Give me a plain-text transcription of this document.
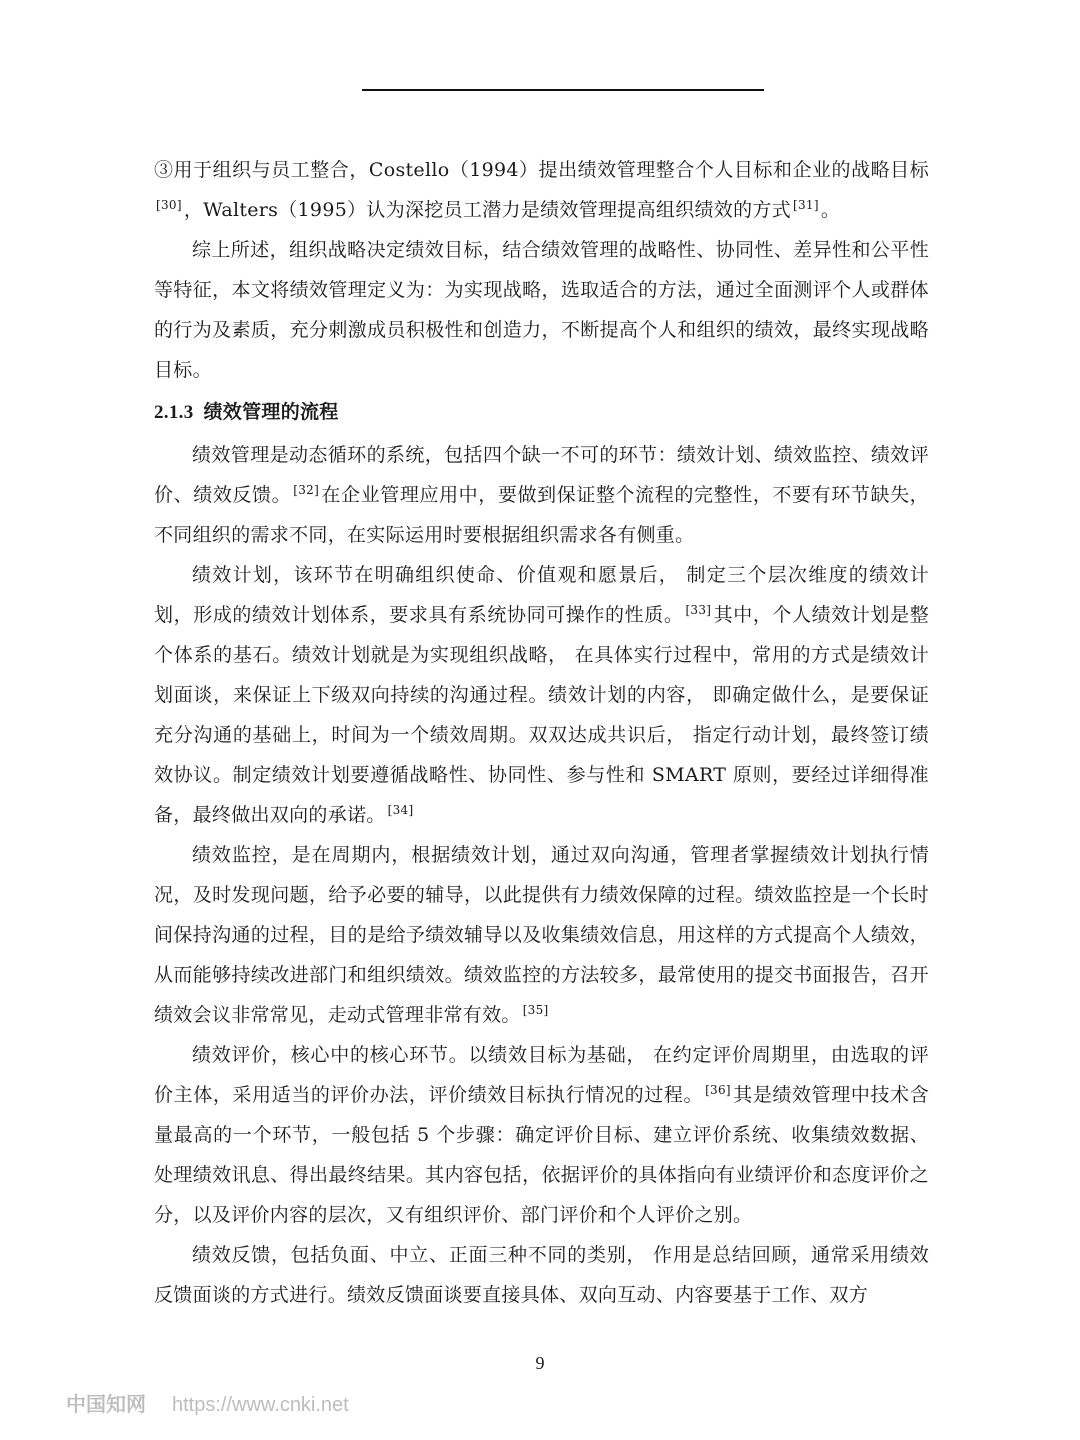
③用于组织与员工整合，Costello（1994）提出绩效管理整合个人目标和企业的战略目标[30] ，Walters（1995）认为深挖员工潜力是绩效管理提高组织绩效的方式 [31] 。

综上所述，组织战略决定绩效目标，结合绩效管理的战略性、协同性、差异性和公平性等特征，本文将绩效管理定义为：为实现战略，选取适合的方法，通过全面测评个人或群体的行为及素质，充分刺激成员积极性和创造力，不断提高个人和组织的绩效，最终实现战略目标。

2.1.3 绩效管理的流程

绩效管理是动态循环的系统，包括四个缺一不可的环节：绩效计划、绩效监控、绩效评价、绩效反馈。 [32] 在企业管理应用中，要做到保证整个流程的完整性，不要有环节缺失，不同组织的需求不同，在实际运用时要根据组织需求各有侧重。

绩效计划，该环节在明确组织使命、价值观和愿景后， 制定三个层次维度的绩效计划，形成的绩效计划体系，要求具有系统协同可操作的性质。 [33] 其中，个人绩效计划是整个体系的基石。绩效计划就是为实现组织战略， 在具体实行过程中，常用的方式是绩效计划面谈，来保证上下级双向持续的沟通过程。绩效计划的内容， 即确定做什么，是要保证充分沟通的基础上，时间为一个绩效周期。双双达成共识后， 指定行动计划，最终签订绩效协议。制定绩效计划要遵循战略性、协同性、参与性和 SMART 原则，要经过详细得准备，最终做出双向的承诺。 [34]

绩效监控，是在周期内，根据绩效计划，通过双向沟通，管理者掌握绩效计划执行情况，及时发现问题，给予必要的辅导，以此提供有力绩效保障的过程。绩效监控是一个长时间保持沟通的过程，目的是给予绩效辅导以及收集绩效信息，用这样的方式提高个人绩效，从而能够持续改进部门和组织绩效。绩效监控的方法较多，最常使用的提交书面报告，召开绩效会议非常常见，走动式管理非常有效。 [35]

绩效评价，核心中的核心环节。以绩效目标为基础， 在约定评价周期里，由选取的评价主体，采用适当的评价办法，评价绩效目标执行情况的过程。 [36] 其是绩效管理中技术含量最高的一个环节，一般包括 5 个步骤：确定评价目标、建立评价系统、收集绩效数据、处理绩效讯息、得出最终结果。其内容包括，依据评价的具体指向有业绩评价和态度评价之分，以及评价内容的层次，又有组织评价、部门评价和个人评价之别。

绩效反馈，包括负面、中立、正面三种不同的类别， 作用是总结回顾，通常采用绩效反馈面谈的方式进行。绩效反馈面谈要直接具体、双向互动、内容要基于工作、双方

9
中国知网 https://www.cnki.net
